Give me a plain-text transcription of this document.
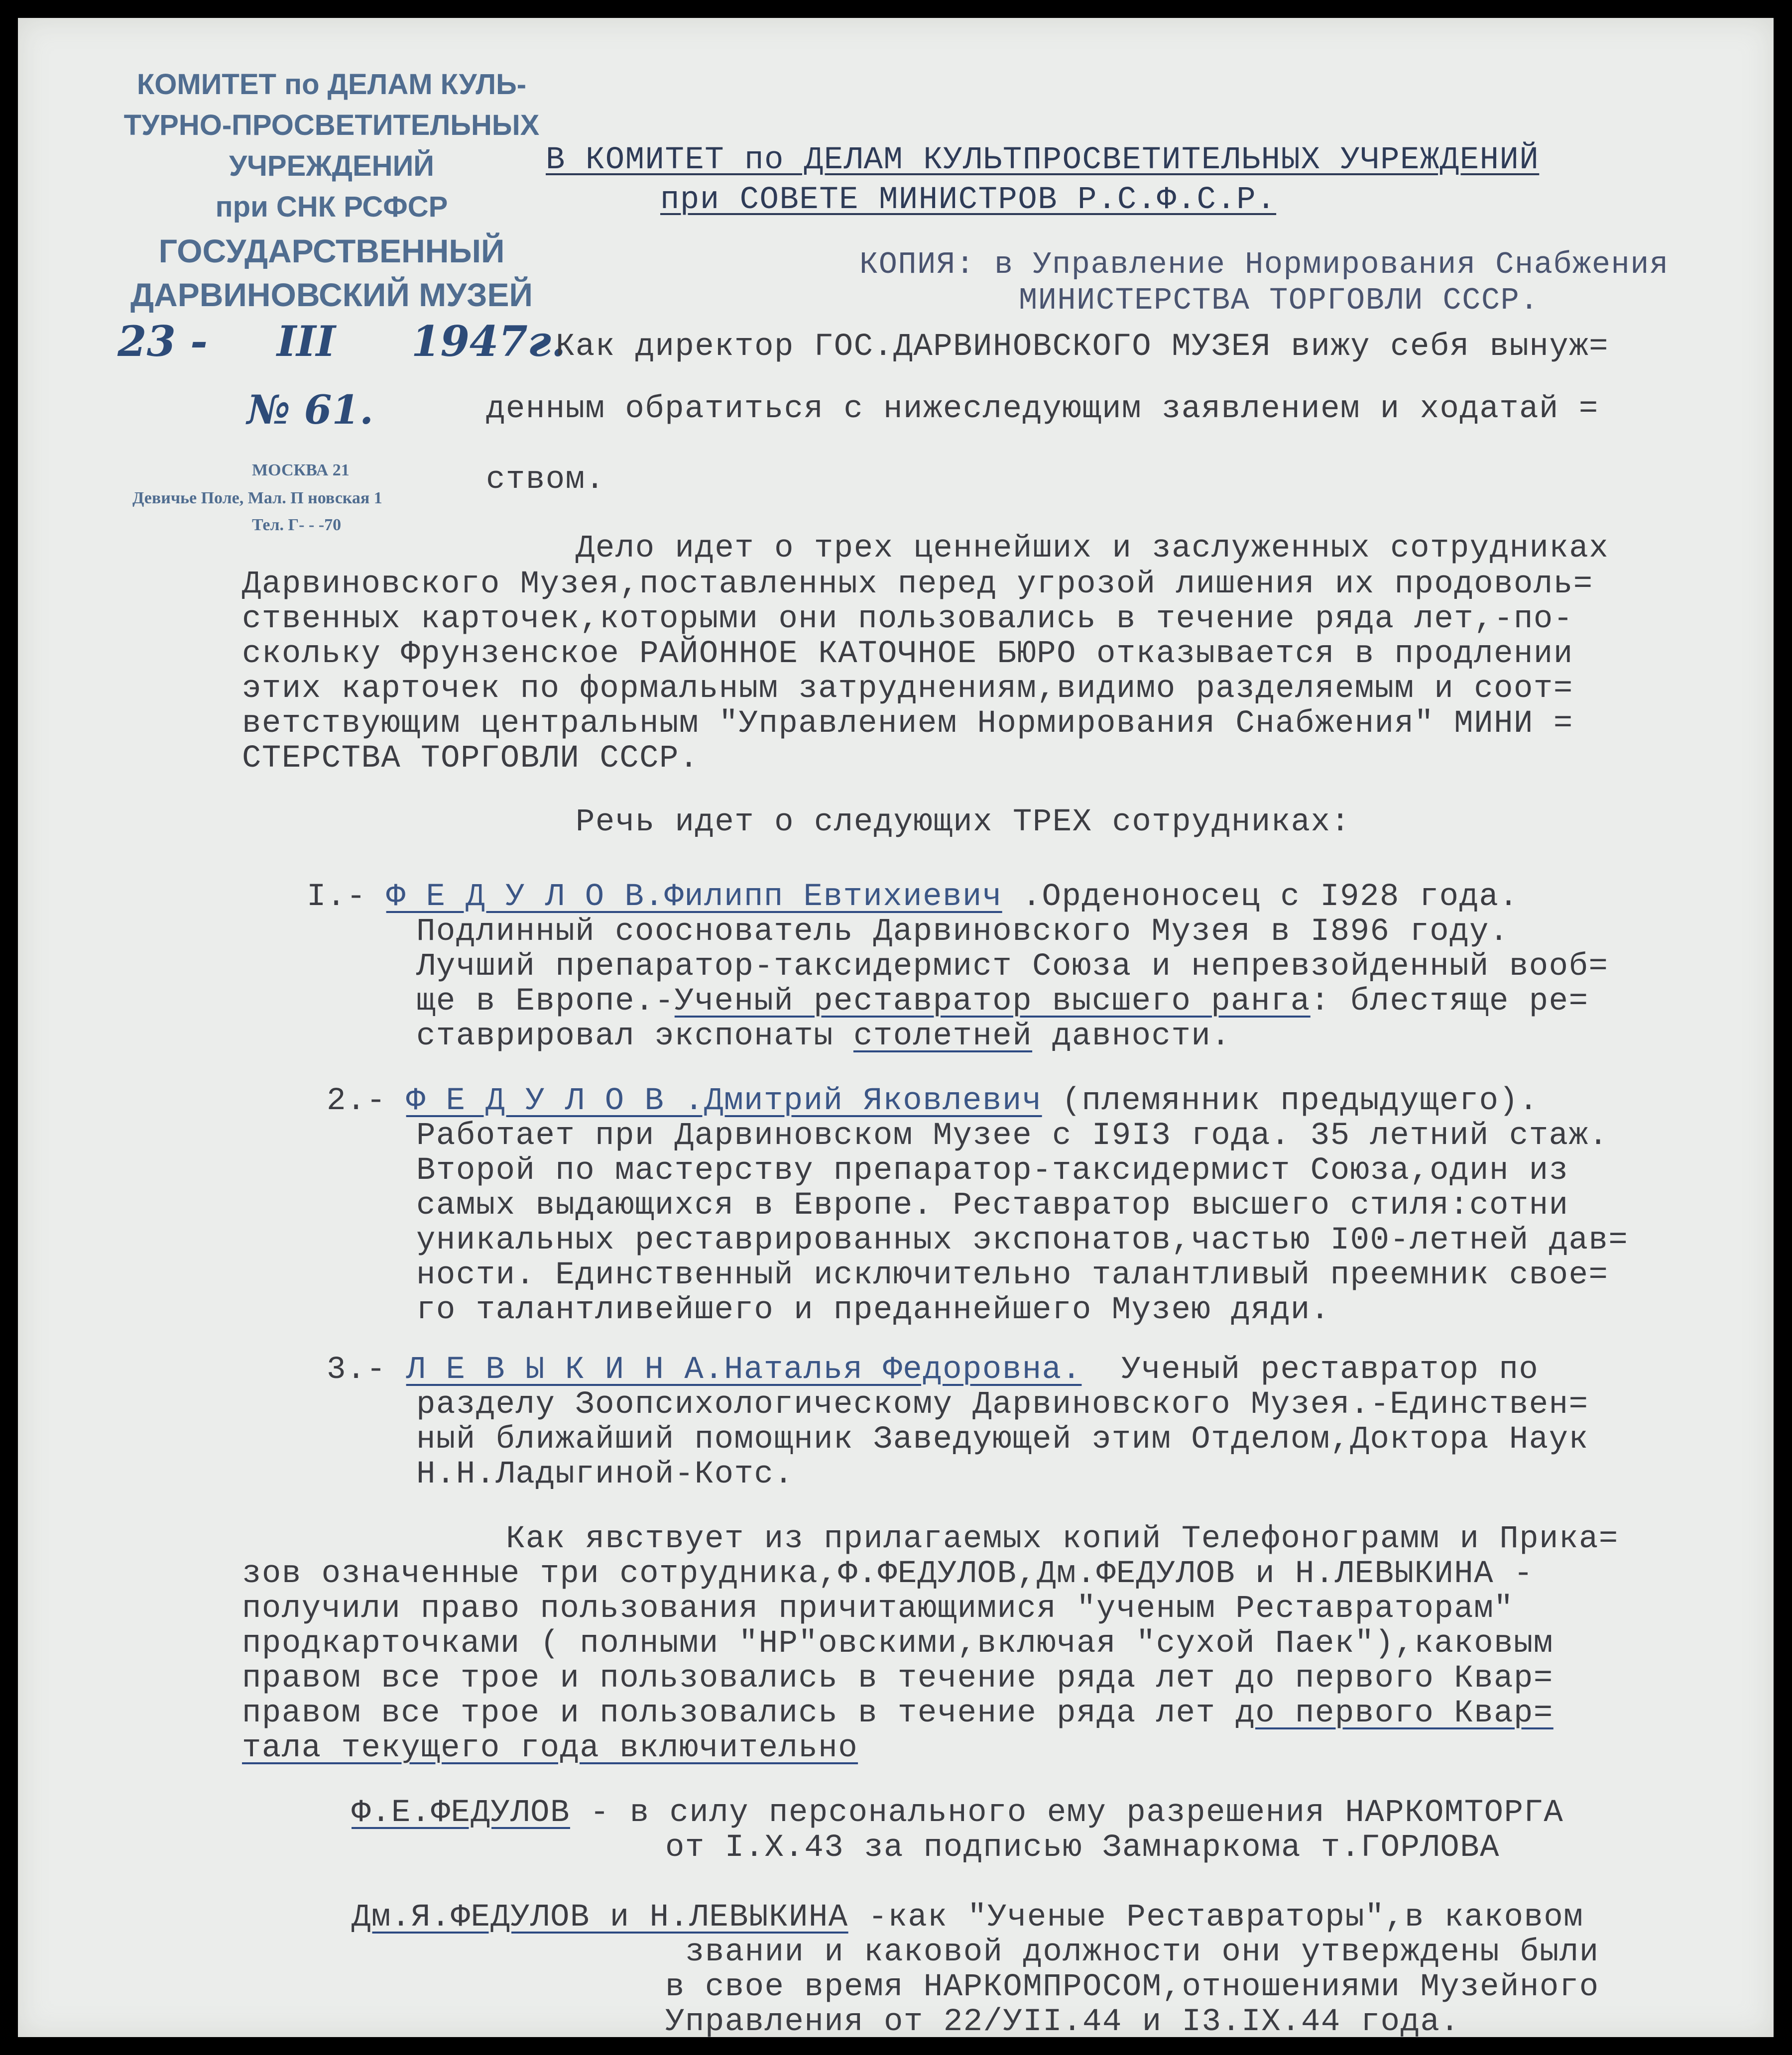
КОМИТЕТ по ДЕЛАМ КУЛЬ-
ТУРНО-ПРОСВЕТИТЕЛЬНЫХ
УЧРЕЖДЕНИЙ
при СНК РСФСР
ГОСУДАРСТВЕННЫЙ
ДАРВИНОВСКИЙ МУЗЕЙ
МОСКВА 21
Девичье Поле, Мал. П новская 1
Тел. Г- - -70
23 - III 1947г.
№ 61.

В КОМИТЕТ по ДЕЛАМ КУЛЬТПРОСВЕТИТЕЛЬНЫХ УЧРЕЖДЕНИЙ

при СОВЕТЕ МИНИСТРОВ Р.С.Ф.С.Р.

КОПИЯ: в Управление Нормирования Снабжения

МИНИСТЕРСТВА ТОРГОВЛИ СССР.

Как директор ГОС.ДАРВИНОВСКОГО МУЗЕЯ вижу себя вынуж=

денным обратиться с нижеследующим заявлением и ходатай =

ством.

Дело идет о трех ценнейших и заслуженных сотрудниках

Дарвиновского Музея,поставленных перед угрозой лишения их продоволь=

ственных карточек,которыми они пользовались в течение ряда лет,-по-

скольку Фрунзенское РАЙОННОЕ КАТОЧНОЕ БЮРО отказывается в продлении

этих карточек по формальным затруднениям,видимо разделяемым и соот=

ветствующим центральным "Управлением Нормирования Снабжения" МИНИ =

СТЕРСТВА ТОРГОВЛИ СССР.

Речь идет о следующих ТРЕХ сотрудниках:

I.- Ф Е Д У Л О В.Филипп Евтихиевич .Орденоносец с I928 года.

Подлинный сооснователь Дарвиновского Музея в I896 году.

Лучший препаратор-таксидермист Союза и непревзойденный вооб=

ще в Европе.-Ученый реставратор высшего ранга: блестяще ре=

ставрировал экспонаты столетней давности.

2.- Ф Е Д У Л О В .Дмитрий Яковлевич (племянник предыдущего).

Работает при Дарвиновском Музее с I9I3 года. 35 летний стаж.

Второй по мастерству препаратор-таксидермист Союза,один из

самых выдающихся в Европе. Реставратор высшего стиля:сотни

уникальных реставрированных экспонатов,частью I00-летней дав=

ности. Единственный исключительно талантливый преемник свое=

го талантливейшего и преданнейшего Музею дяди.

3.- Л Е В Ы К И Н А.Наталья Федоровна.  Ученый реставратор по

разделу Зоопсихологическому Дарвиновского Музея.-Единствен=

ный ближайший помощник Заведующей этим Отделом,Доктора Наук

Н.Н.Ладыгиной-Котс.

Как явствует из прилагаемых копий Телефонограмм и Прика=

зов означенные три сотрудника,Ф.ФЕДУЛОВ,Дм.ФЕДУЛОВ и Н.ЛЕВЫКИНА -

получили право пользования причитающимися "ученым Реставраторам"

продкарточками ( полными "НР"овскими,включая "сухой Паек"),каковым

правом все трое и пользовались в течение ряда лет до первого Квар=

правом все трое и пользовались в течение ряда лет до первого Квар=

тала текущего года включительно

Ф.Е.ФЕДУЛОВ - в силу персонального ему разрешения НАРКОМТОРГА

от I.X.43 за подписью Замнаркома т.ГОРЛОВА

Дм.Я.ФЕДУЛОВ и Н.ЛЕВЫКИНА -как "Ученые Реставраторы",в каковом

звании и каковой должности они утверждены были

в свое время НАРКОМПРОСОМ,отношениями Музейного

Управления от 22/УII.44 и I3.IX.44 года.
